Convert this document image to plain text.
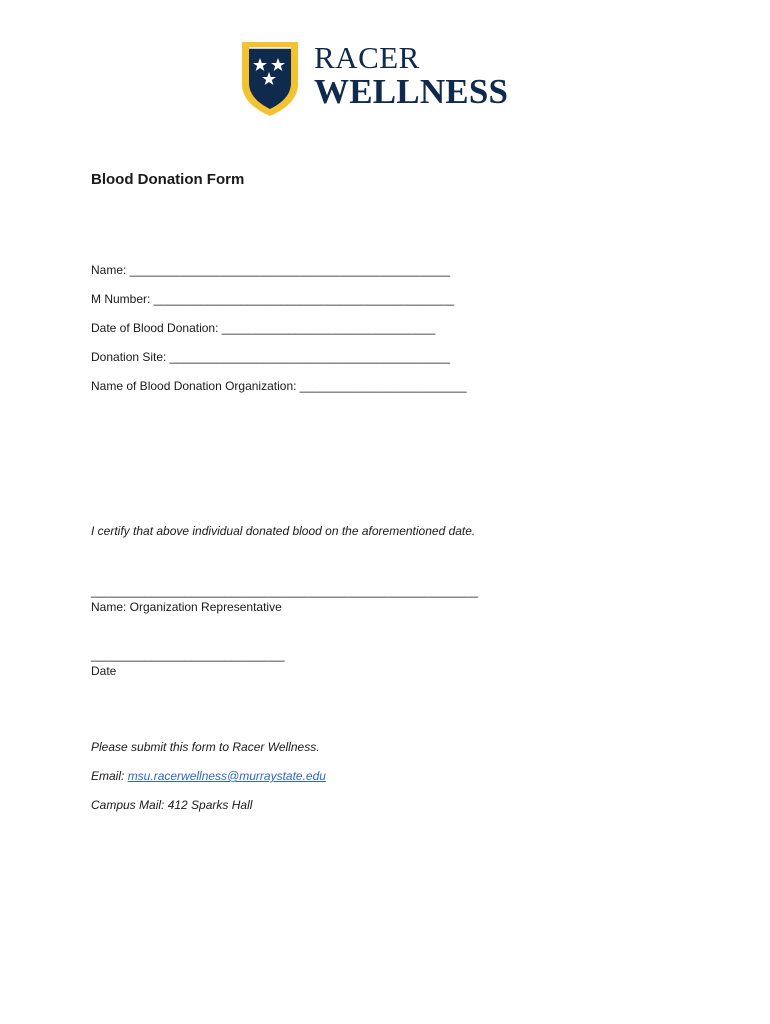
RACER
WELLNESS
Blood Donation Form
Name: ________________________________________________
M Number: _____________________________________________
Date of Blood Donation: ________________________________
Donation Site: __________________________________________
Name of Blood Donation Organization: _________________________
I certify that above individual donated blood on the aforementioned date.
__________________________________________________________
Name: Organization Representative
_____________________________
Date
Please submit this form to Racer Wellness.
Email: msu.racerwellness@murraystate.edu
Campus Mail: 412 Sparks Hall
